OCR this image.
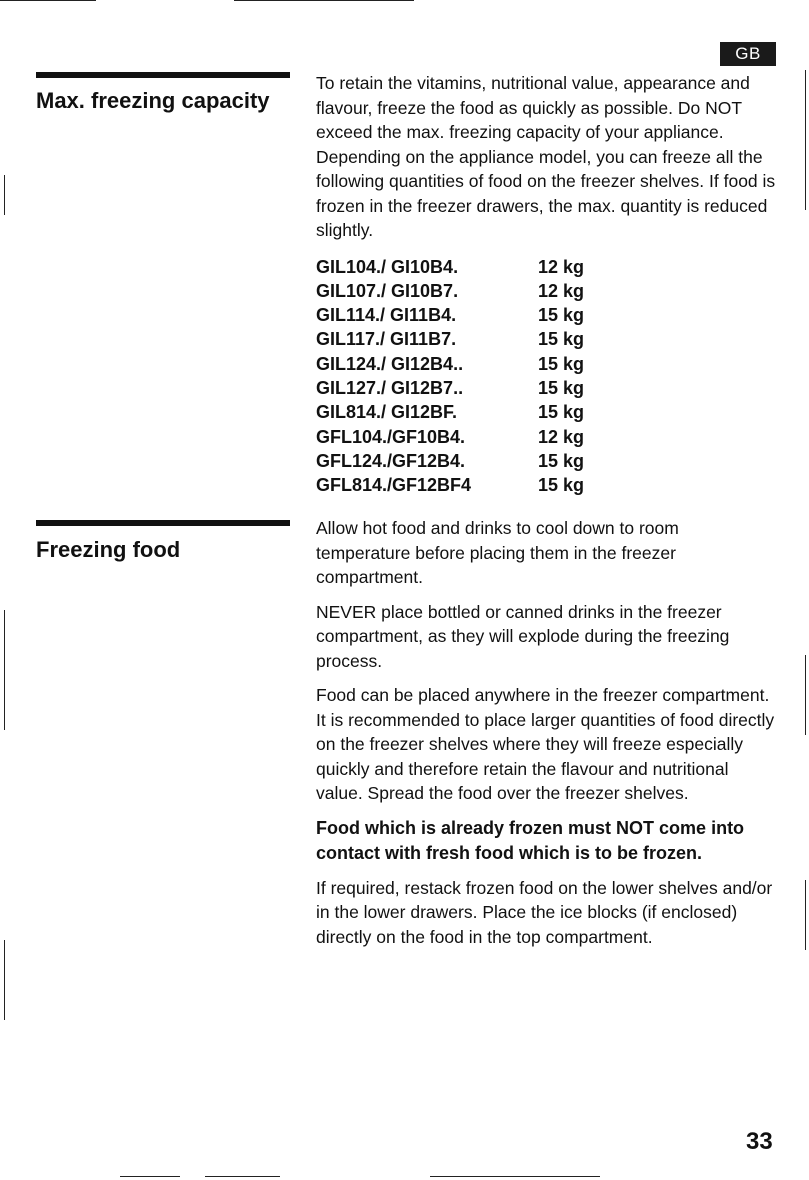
GB
Max. freezing capacity

To retain the vitamins, nutritional value, appearance and flavour, freeze the food as quickly as possible. Do NOT exceed the max. freezing capacity of your appliance. Depending on the appliance model, you can freeze all the following quantities of food on the freezer shelves. If food is frozen in the freezer drawers, the max. quantity is reduced slightly.

GIL104./ GI10B4.	12 kg
GIL107./ GI10B7.	12 kg
GIL114./ GI11B4.	15 kg
GIL117./ GI11B7.	15 kg
GIL124./ GI12B4..	15 kg
GIL127./ GI12B7..	15 kg
GIL814./ GI12BF.	15 kg
GFL104./GF10B4.	12 kg
GFL124./GF12B4.	15 kg
GFL814./GF12BF4	15 kg
Freezing food

Allow hot food and drinks to cool down to room temperature before placing them in the freezer compartment.

NEVER place bottled or canned drinks in the freezer compartment, as they will explode during the freezing process.

Food can be placed anywhere in the freezer compartment. It is recommended to place larger quantities of food directly on the freezer shelves where they will freeze especially quickly and therefore retain the flavour and nutritional value. Spread the food over the freezer shelves.

Food which is already frozen must NOT come into contact with fresh food which is to be frozen.

If required, restack frozen food on the lower shelves and/or in the lower drawers. Place the ice blocks (if enclosed) directly on the food in the top compartment.

33
